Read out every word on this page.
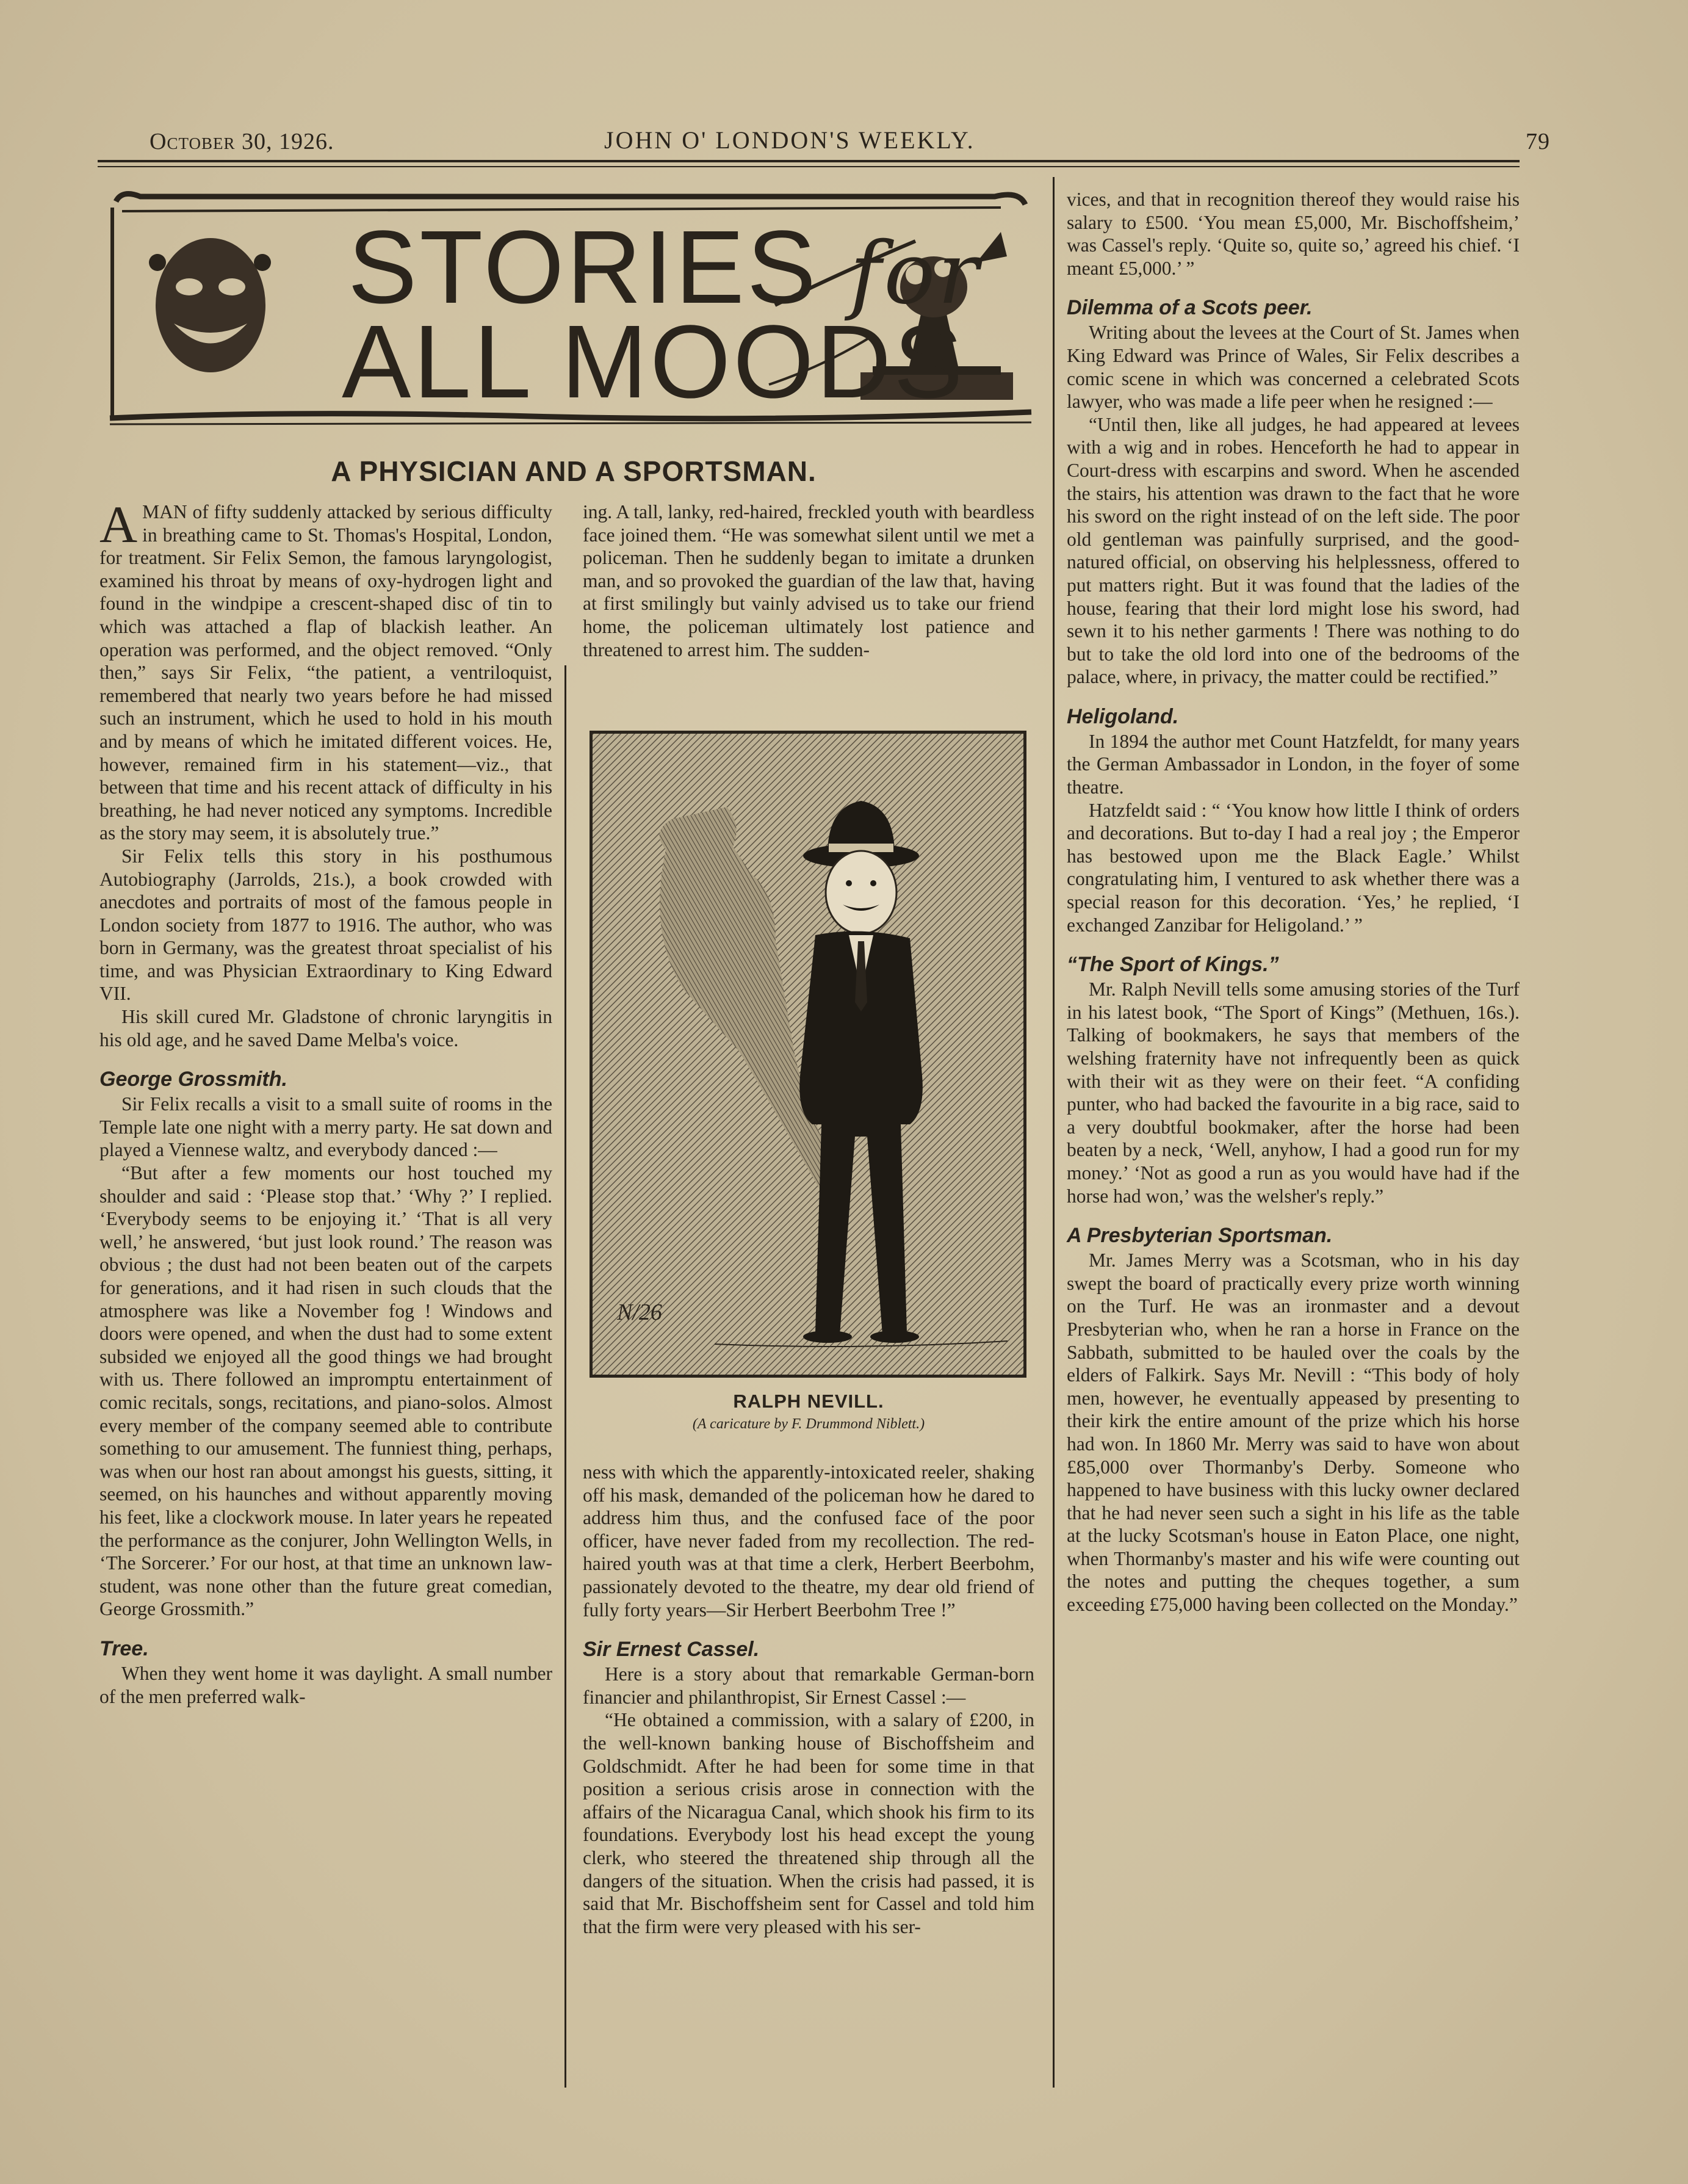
October 30, 1926.	JOHN O' LONDON'S WEEKLY.	79
STORIES for
ALL MOODS
A PHYSICIAN AND A SPORTSMAN.

AMAN of fifty suddenly attacked by serious difficulty in breathing came to St. Thomas's Hospital, London, for treatment. Sir Felix Semon, the famous laryngologist, examined his throat by means of oxy-hydrogen light and found in the windpipe a crescent-shaped disc of tin to which was attached a flap of blackish leather. An operation was performed, and the object removed. “Only then,” says Sir Felix, “the patient, a ventriloquist, remembered that nearly two years before he had missed such an instrument, which he used to hold in his mouth and by means of which he imitated different voices. He, however, remained firm in his statement—viz., that between that time and his recent attack of difficulty in his breathing, he had never noticed any symptoms. Incredible as the story may seem, it is absolutely true.”

Sir Felix tells this story in his posthumous Autobiography (Jarrolds, 21s.), a book crowded with anecdotes and portraits of most of the famous people in London society from 1877 to 1916. The author, who was born in Germany, was the greatest throat specialist of his time, and was Physician Extraordinary to King Edward VII.

His skill cured Mr. Gladstone of chronic laryngitis in his old age, and he saved Dame Melba's voice.

George Grossmith.

Sir Felix recalls a visit to a small suite of rooms in the Temple late one night with a merry party. He sat down and played a Viennese waltz, and everybody danced :—

“But after a few moments our host touched my shoulder and said : ‘Please stop that.’ ‘Why ?’ I replied. ‘Everybody seems to be enjoying it.’ ‘That is all very well,’ he answered, ‘but just look round.’ The reason was obvious ; the dust had not been beaten out of the carpets for generations, and it had risen in such clouds that the atmosphere was like a November fog ! Windows and doors were opened, and when the dust had to some extent subsided we enjoyed all the good things we had brought with us. There followed an impromptu entertainment of comic recitals, songs, recitations, and piano-solos. Almost every member of the company seemed able to contribute something to our amusement. The funniest thing, perhaps, was when our host ran about amongst his guests, sitting, it seemed, on his haunches and without apparently moving his feet, like a clockwork mouse. In later years he repeated the performance as the conjurer, John Wellington Wells, in ‘The Sorcerer.’ For our host, at that time an unknown law-student, was none other than the future great comedian, George Grossmith.”

Tree.

When they went home it was daylight. A small number of the men preferred walk-

ing. A tall, lanky, red-haired, freckled youth with beardless face joined them. “He was somewhat silent until we met a policeman. Then he suddenly began to imitate a drunken man, and so provoked the guardian of the law that, having at first smilingly but vainly advised us to take our friend home, the policeman ultimately lost patience and threatened to arrest him. The sudden-

N/26
RALPH NEVILL.
(A caricature by F. Drummond Niblett.)

ness with which the apparently-intoxicated reeler, shaking off his mask, demanded of the policeman how he dared to address him thus, and the confused face of the poor officer, have never faded from my recollection. The red-haired youth was at that time a clerk, Herbert Beerbohm, passionately devoted to the theatre, my dear old friend of fully forty years—Sir Herbert Beerbohm Tree !”

Sir Ernest Cassel.

Here is a story about that remarkable German-born financier and philanthropist, Sir Ernest Cassel :—

“He obtained a commission, with a salary of £200, in the well-known banking house of Bischoffsheim and Goldschmidt. After he had been for some time in that position a serious crisis arose in connection with the affairs of the Nicaragua Canal, which shook his firm to its foundations. Everybody lost his head except the young clerk, who steered the threatened ship through all the dangers of the situation. When the crisis had passed, it is said that Mr. Bischoffsheim sent for Cassel and told him that the firm were very pleased with his ser-

vices, and that in recognition thereof they would raise his salary to £500. ‘You mean £5,000, Mr. Bischoffsheim,’ was Cassel's reply. ‘Quite so, quite so,’ agreed his chief. ‘I meant £5,000.’ ”

Dilemma of a Scots peer.

Writing about the levees at the Court of St. James when King Edward was Prince of Wales, Sir Felix describes a comic scene in which was concerned a celebrated Scots lawyer, who was made a life peer when he resigned :—

“Until then, like all judges, he had appeared at levees with a wig and in robes. Henceforth he had to appear in Court-dress with escarpins and sword. When he ascended the stairs, his attention was drawn to the fact that he wore his sword on the right instead of on the left side. The poor old gentleman was painfully surprised, and the good-natured official, on observing his helplessness, offered to put matters right. But it was found that the ladies of the house, fearing that their lord might lose his sword, had sewn it to his nether garments ! There was nothing to do but to take the old lord into one of the bedrooms of the palace, where, in privacy, the matter could be rectified.”

Heligoland.

In 1894 the author met Count Hatzfeldt, for many years the German Ambassador in London, in the foyer of some theatre.

Hatzfeldt said : “ ‘You know how little I think of orders and decorations. But to-day I had a real joy ; the Emperor has bestowed upon me the Black Eagle.’ Whilst congratulating him, I ventured to ask whether there was a special reason for this decoration. ‘Yes,’ he replied, ‘I exchanged Zanzibar for Heligoland.’ ”

“The Sport of Kings.”

Mr. Ralph Nevill tells some amusing stories of the Turf in his latest book, “The Sport of Kings” (Methuen, 16s.). Talking of bookmakers, he says that members of the welshing fraternity have not infrequently been as quick with their wit as they were on their feet. “A confiding punter, who had backed the favourite in a big race, said to a very doubtful bookmaker, after the horse had been beaten by a neck, ‘Well, anyhow, I had a good run for my money.’ ‘Not as good a run as you would have had if the horse had won,’ was the welsher's reply.”

A Presbyterian Sportsman.

Mr. James Merry was a Scotsman, who in his day swept the board of practically every prize worth winning on the Turf. He was an ironmaster and a devout Presbyterian who, when he ran a horse in France on the Sabbath, submitted to be hauled over the coals by the elders of Falkirk. Says Mr. Nevill : “This body of holy men, however, he eventually appeased by presenting to their kirk the entire amount of the prize which his horse had won. In 1860 Mr. Merry was said to have won about £85,000 over Thormanby's Derby. Someone who happened to have business with this lucky owner declared that he had never seen such a sight in his life as the table at the lucky Scotsman's house in Eaton Place, one night, when Thormanby's master and his wife were counting out the notes and putting the cheques together, a sum exceeding £75,000 having been collected on the Monday.”
